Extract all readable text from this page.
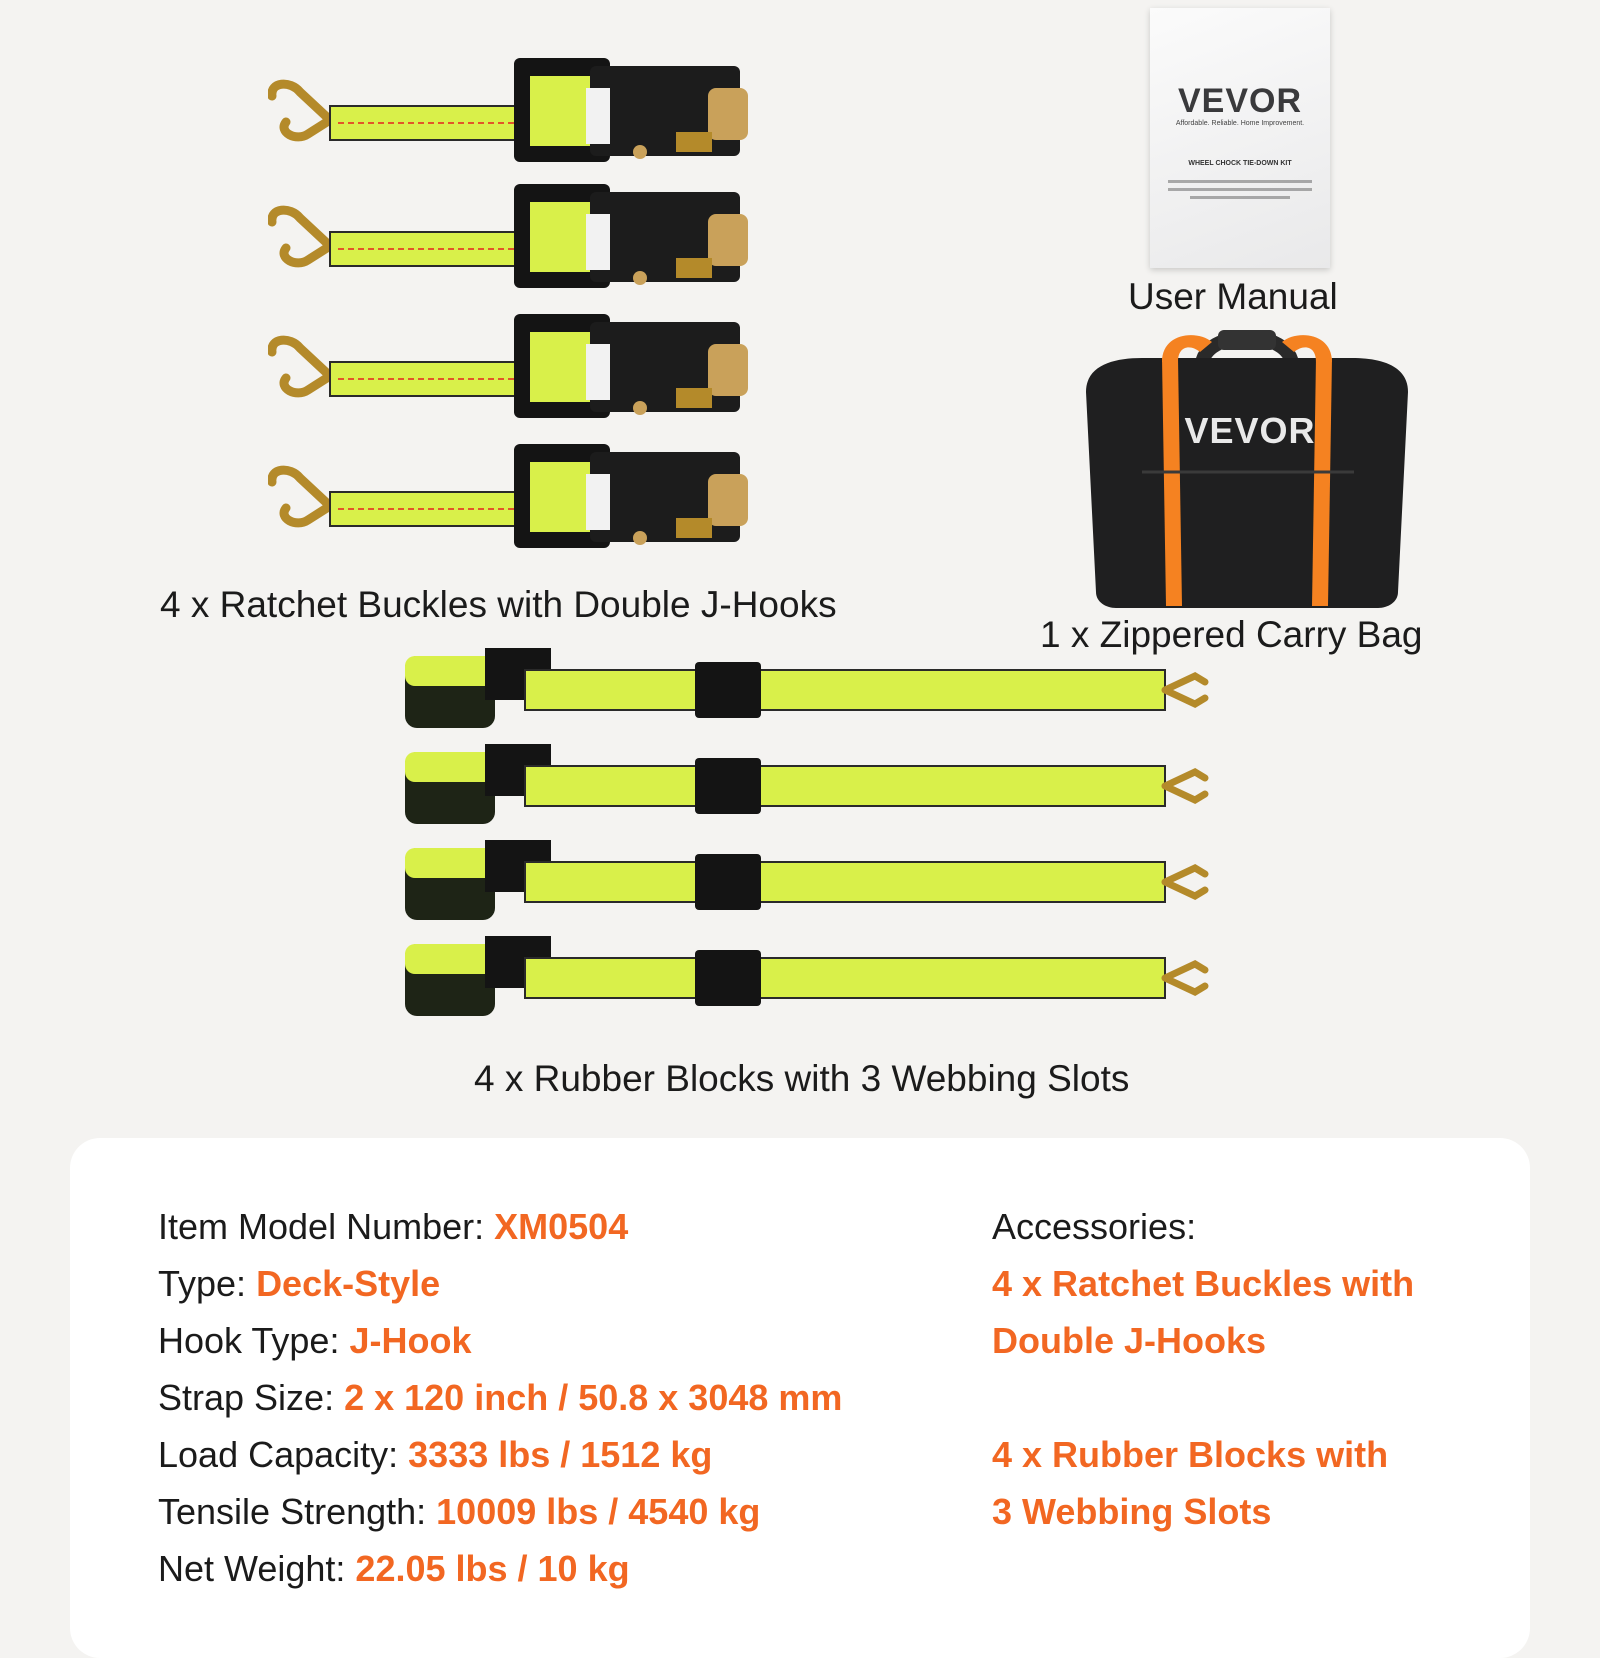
4 x Ratchet Buckles with Double J-Hooks
VEVOR
Affordable. Reliable. Home Improvement.
WHEEL CHOCK TIE-DOWN KIT
User Manual
VEVOR
1 x Zippered Carry Bag
4 x Rubber Blocks with 3 Webbing Slots
Item Model Number: XM0504
Type: Deck-Style
Hook Type: J-Hook
Strap Size: 2 x 120 inch / 50.8 x 3048 mm
Load Capacity: 3333 lbs / 1512 kg
Tensile Strength: 10009 lbs / 4540 kg
Net Weight: 22.05 lbs / 10 kg
Accessories:
4 x Ratchet Buckles with
Double J-Hooks
4 x Rubber Blocks with
3 Webbing Slots
